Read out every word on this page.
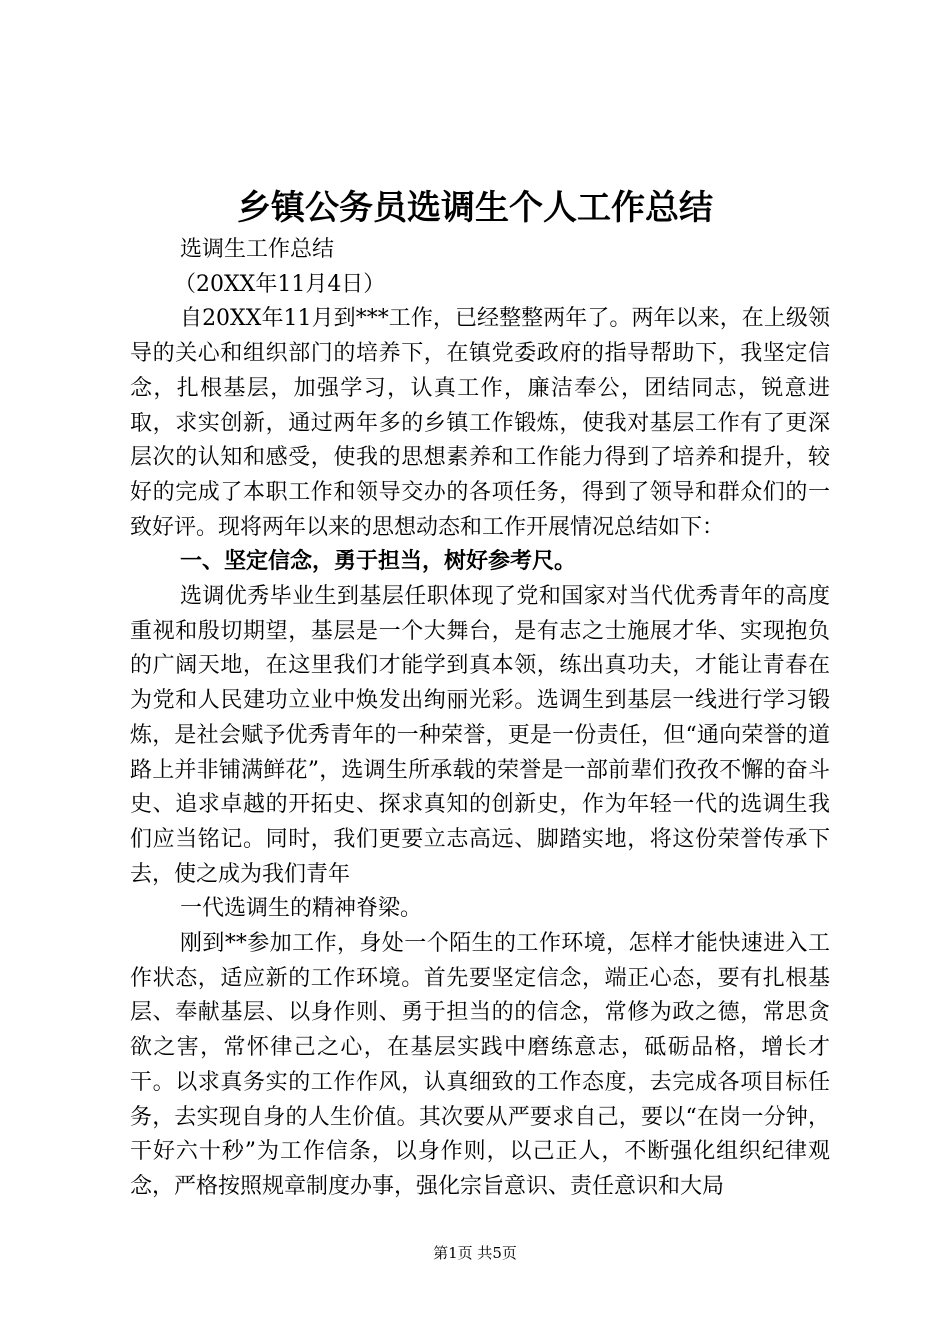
乡镇公务员选调生个人工作总结

选调生工作总结

（20XX年11月4日）

自20XX年11月到***工作，已经整整两年了。两年以来，在上级领导的关心和组织部门的培养下，在镇党委政府的指导帮助下，我坚定信念，扎根基层，加强学习，认真工作，廉洁奉公，团结同志，锐意进取，求实创新，通过两年多的乡镇工作锻炼，使我对基层工作有了更深层次的认知和感受，使我的思想素养和工作能力得到了培养和提升，较好的完成了本职工作和领导交办的各项任务，得到了领导和群众们的一致好评。现将两年以来的思想动态和工作开展情况总结如下：

一、坚定信念，勇于担当，树好参考尺。

选调优秀毕业生到基层任职体现了党和国家对当代优秀青年的高度重视和殷切期望，基层是一个大舞台，是有志之士施展才华、实现抱负的广阔天地，在这里我们才能学到真本领，练出真功夫，才能让青春在为党和人民建功立业中焕发出绚丽光彩。选调生到基层一线进行学习锻炼，是社会赋予优秀青年的一种荣誉，更是一份责任，但“通向荣誉的道路上并非铺满鲜花”，选调生所承载的荣誉是一部前辈们孜孜不懈的奋斗史、追求卓越的开拓史、探求真知的创新史，作为年轻一代的选调生我们应当铭记。同时，我们更要立志高远、脚踏实地，将这份荣誉传承下去，使之成为我们青年

一代选调生的精神脊梁。

刚到**参加工作，身处一个陌生的工作环境，怎样才能快速进入工作状态，适应新的工作环境。首先要坚定信念，端正心态，要有扎根基层、奉献基层、以身作则、勇于担当的的信念，常修为政之德，常思贪欲之害，常怀律己之心，在基层实践中磨练意志，砥砺品格，增长才干。以求真务实的工作作风，认真细致的工作态度，去完成各项目标任务，去实现自身的人生价值。其次要从严要求自己，要以“在岗一分钟，干好六十秒”为工作信条，以身作则，以己正人，不断强化组织纪律观念，严格按照规章制度办事，强化宗旨意识、责任意识和大局

第1页 共5页
